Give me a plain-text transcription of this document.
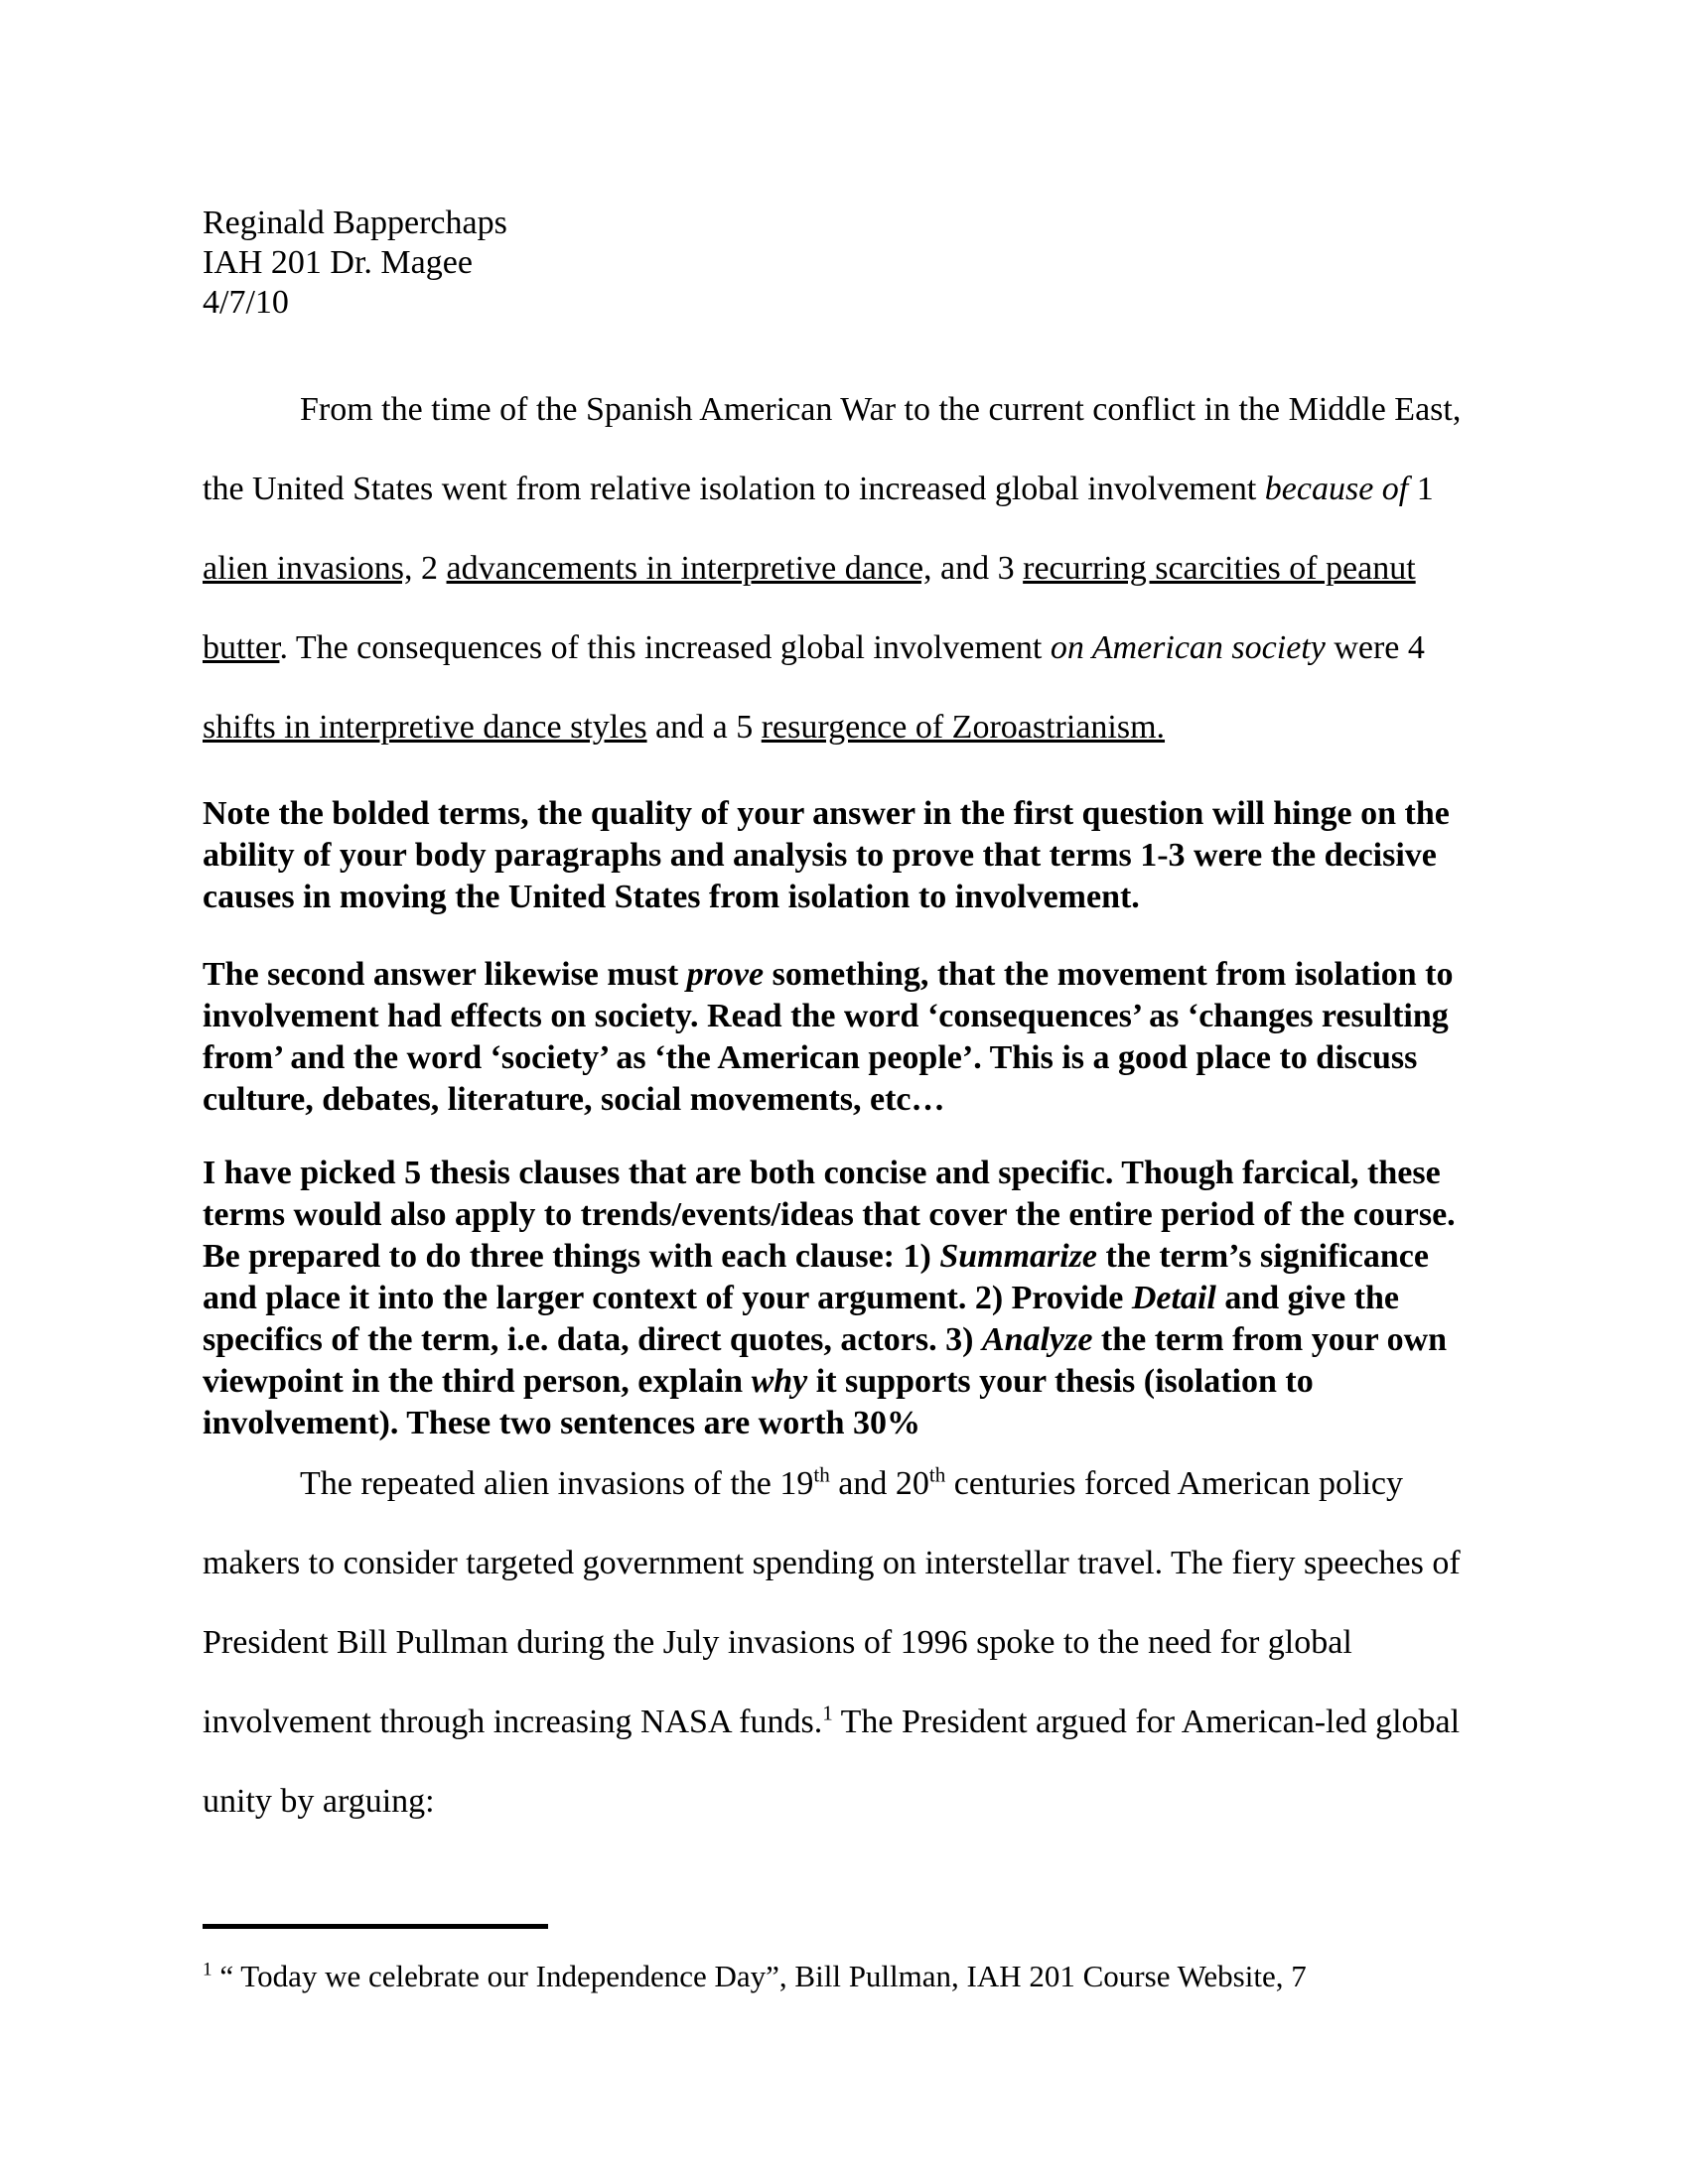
Reginald Bapperchaps
IAH 201 Dr. Magee
4/7/10

From the time of the Spanish American War to the current conflict in the Middle East, the United States went from relative isolation to increased global involvement because of 1 alien invasions, 2 advancements in interpretive dance, and 3 recurring scarcities of peanut butter. The consequences of this increased global involvement on American society were 4 shifts in interpretive dance styles and a 5 resurgence of Zoroastrianism.

Note the bolded terms, the quality of your answer in the first question will hinge on the ability of your body paragraphs and analysis to prove that terms 1-3 were the decisive causes in moving the United States from isolation to involvement.

The second answer likewise must prove something, that the movement from isolation to involvement had effects on society. Read the word ‘consequences’ as ‘changes resulting from’ and the word ‘society’ as ‘the American people’. This is a good place to discuss culture, debates, literature, social movements, etc…

I have picked 5 thesis clauses that are both concise and specific. Though farcical, these terms would also apply to trends/events/ideas that cover the entire period of the course. Be prepared to do three things with each clause: 1) Summarize the term’s significance and place it into the larger context of your argument. 2) Provide Detail and give the specifics of the term, i.e. data, direct quotes, actors. 3) Analyze the term from your own viewpoint in the third person, explain why it supports your thesis (isolation to involvement). These two sentences are worth 30%

The repeated alien invasions of the 19th and 20th centuries forced American policy makers to consider targeted government spending on interstellar travel. The fiery speeches of President Bill Pullman during the July invasions of 1996 spoke to the need for global involvement through increasing NASA funds.$^1$ The President argued for American-led global unity by arguing:

$^1$ “ Today we celebrate our Independence Day”, Bill Pullman, IAH 201 Course Website, 7
